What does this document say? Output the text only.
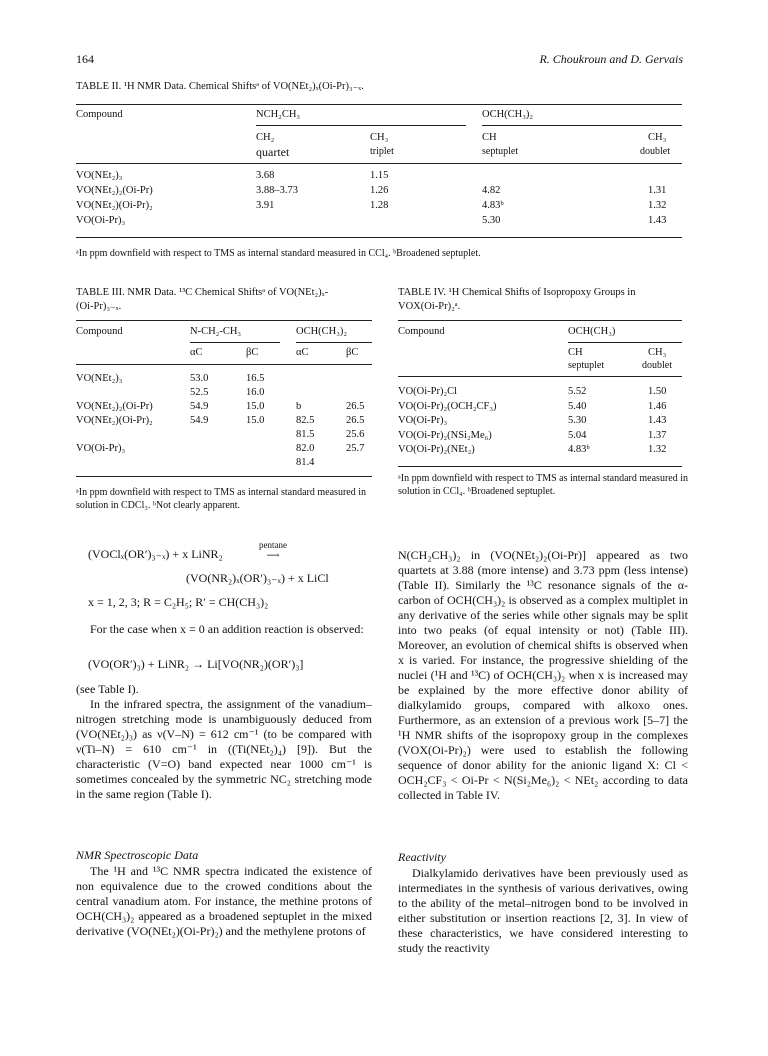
164	R. Choukroun and D. Gervais
TABLE II. ¹H NMR Data. Chemical Shiftsᵃ of VO(NEt₂)ₓ(Oi-Pr)₃₋ₓ.
Compound	NCH₂CH₃	OCH(CH₃)₂
CH₂	CH₃	CH	CH₃
quartet	triplet	septuplet	doublet
VO(NEt₂)₃	3.68	1.15		
VO(NEt₂)₂(Oi-Pr)	3.88–3.73	1.26	4.82	1.31
VO(NEt₂)(Oi-Pr)₂	3.91	1.28	4.83ᵇ	1.32
VO(Oi-Pr)₃			5.30	1.43
ᵃIn ppm downfield with respect to TMS as internal standard measured in CCl₄. ᵇBroadened septuplet.
TABLE III. NMR Data. ¹³C Chemical Shiftsᵃ of VO(NEt₂)ₓ-
(Oi-Pr)₃₋ₓ.
Compound	N-CH₂-CH₃	OCH(CH₃)₂
αC	βC	αC	βC
VO(NEt₂)₃	53.0	16.5		
	52.5	16.0		
VO(NEt₂)₂(Oi-Pr)	54.9	15.0	b	26.5
VO(NEt₂)(Oi-Pr)₂	54.9	15.0	82.5	26.5
			81.5	25.6
VO(Oi-Pr)₃			82.0	25.7
			81.4	
ᵃIn ppm downfield with respect to TMS as internal standard measured in solution in CDCl₃. ᵇNot clearly apparent.
TABLE IV. ¹H Chemical Shifts of Isopropoxy Groups in
VOX(Oi-Pr)₂ᵃ.
Compound	OCH(CH₃)
CH	CH₃
septuplet	doublet
VO(Oi-Pr)₂Cl	5.52	1.50
VO(Oi-Pr)₂(OCH₂CF₃)	5.40	1.46
VO(Oi-Pr)₃	5.30	1.43
VO(Oi-Pr)₂(NSi₂Me₆)	5.04	1.37
VO(Oi-Pr)₂(NEt₂)	4.83ᵇ	1.32
ᵃIn ppm downfield with respect to TMS as internal standard measured in solution in CCl₄. ᵇBroadened septuplet.
(VOClₓ(OR′)₃₋ₓ) + x LiNR₂
pentane
⟶
(VO(NR₂)ₓ(OR′)₃₋ₓ) + x LiCl
x = 1, 2, 3; R = C₂H₅; R′ = CH(CH₃)₂
For the case when x = 0 an addition reaction is observed:
(VO(OR′)₃) + LiNR₂ → Li[VO(NR₂)(OR′)₃]
(see Table I).
In the infrared spectra, the assignment of the vanadium–nitrogen stretching mode is unambiguously deduced from (VO(NEt₂)₃) as ν(V–N) = 612 cm⁻¹ (to be compared with ν(Ti–N) = 610 cm⁻¹ in ((Ti(NEt₂)₄) [9]). But the characteristic (V=O) band expected near 1000 cm⁻¹ is sometimes concealed by the symmetric NC₂ stretching mode in the same region (Table I).
NMR Spectroscopic Data
The ¹H and ¹³C NMR spectra indicated the existence of non equivalence due to the crowed conditions about the central vanadium atom. For instance, the methine protons of OCH(CH₃)₂ appeared as a broadened septuplet in the mixed derivative (VO(NEt₂)(Oi-Pr)₂) and the methylene protons of
N(CH₂CH₃)₂ in (VO(NEt₂)₂(Oi-Pr)] appeared as two quartets at 3.88 (more intense) and 3.73 ppm (less intense) (Table II). Similarly the ¹³C resonance signals of the α-carbon of OCH(CH₃)₂ is observed as a complex multiplet in any derivative of the series while other signals may be split into two peaks (of equal intensity or not) (Table III). Moreover, an evolution of chemical shifts is observed when x is varied. For instance, the progressive shielding of the nuclei (¹H and ¹³C) of OCH(CH₃)₂ when x is increased may be explained by the more effective donor ability of dialkylamido groups, compared with alkoxo ones. Furthermore, as an extension of a previous work [5–7] the ¹H NMR shifts of the isopropoxy group in the complexes (VOX(Oi-Pr)₂) were used to establish the following sequence of donor ability for the anionic ligand X: Cl < OCH₂CF₃ < Oi-Pr < N(Si₂Me₆)₂ < NEt₂ according to data collected in Table IV.
Reactivity
Dialkylamido derivatives have been previously used as intermediates in the synthesis of various derivatives, owing to the ability of the metal–nitrogen bond to be involved in either substitution or insertion reactions [2, 3]. In view of these characteristics, we have considered interesting to study the reactivity
